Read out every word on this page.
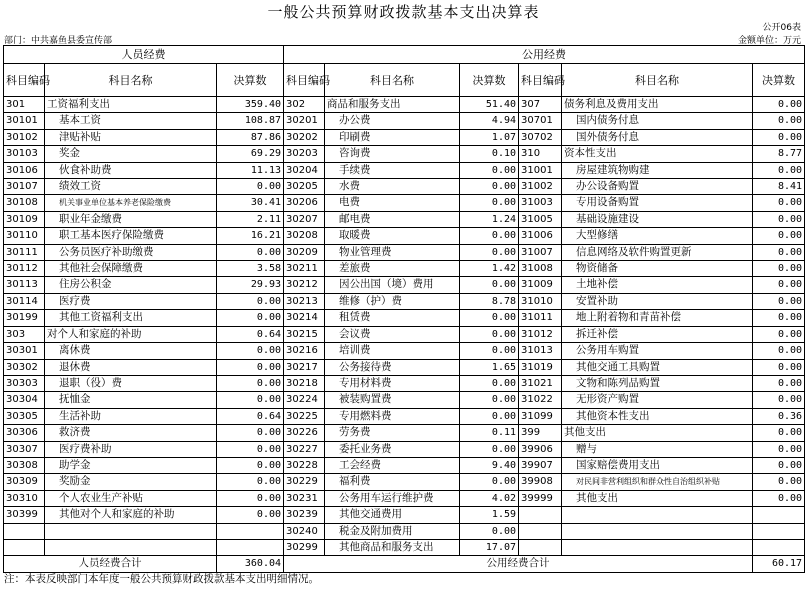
一般公共预算财政拨款基本支出决算表
公开06表
部门：中共嘉鱼县委宣传部	金额单位：万元
人员经费			公用经费					
科目编码	科目名称	决算数	科目编码	科目名称	决算数	科目编码	科目名称	决算数
301	工资福利支出	359.40	302	商品和服务支出	51.40	307	债务利息及费用支出	0.00
30101	基本工资	108.87	30201	办公费	4.94	30701	国内债务付息	0.00
30102	津贴补贴	87.86	30202	印刷费	1.07	30702	国外债务付息	0.00
30103	奖金	69.29	30203	咨询费	0.10	310	资本性支出	8.77
30106	伙食补助费	11.13	30204	手续费	0.00	31001	房屋建筑物购建	0.00
30107	绩效工资	0.00	30205	水费	0.00	31002	办公设备购置	8.41
30108	机关事业单位基本养老保险缴费	30.41	30206	电费	0.00	31003	专用设备购置	0.00
30109	职业年金缴费	2.11	30207	邮电费	1.24	31005	基础设施建设	0.00
30110	职工基本医疗保险缴费	16.21	30208	取暖费	0.00	31006	大型修缮	0.00
30111	公务员医疗补助缴费	0.00	30209	物业管理费	0.00	31007	信息网络及软件购置更新	0.00
30112	其他社会保障缴费	3.58	30211	差旅费	1.42	31008	物资储备	0.00
30113	住房公积金	29.93	30212	因公出国（境）费用	0.00	31009	土地补偿	0.00
30114	医疗费	0.00	30213	维修（护）费	8.78	31010	安置补助	0.00
30199	其他工资福利支出	0.00	30214	租赁费	0.00	31011	地上附着物和青苗补偿	0.00
303	对个人和家庭的补助	0.64	30215	会议费	0.00	31012	拆迁补偿	0.00
30301	离休费	0.00	30216	培训费	0.00	31013	公务用车购置	0.00
30302	退休费	0.00	30217	公务接待费	1.65	31019	其他交通工具购置	0.00
30303	退职（役）费	0.00	30218	专用材料费	0.00	31021	文物和陈列品购置	0.00
30304	抚恤金	0.00	30224	被装购置费	0.00	31022	无形资产购置	0.00
30305	生活补助	0.64	30225	专用燃料费	0.00	31099	其他资本性支出	0.36
30306	救济费	0.00	30226	劳务费	0.11	399	其他支出	0.00
30307	医疗费补助	0.00	30227	委托业务费	0.00	39906	赠与	0.00
30308	助学金	0.00	30228	工会经费	9.40	39907	国家赔偿费用支出	0.00
30309	奖励金	0.00	30229	福利费	0.00	39908	对民间非营利组织和群众性自治组织补贴	0.00
30310	个人农业生产补贴	0.00	30231	公务用车运行维护费	4.02	39999	其他支出	0.00
30399	其他对个人和家庭的补助	0.00	30239	其他交通费用	1.59			
			30240	税金及附加费用	0.00			
			30299	其他商品和服务支出	17.07			
人员经费合计		360.04	公用经费合计					60.17
注：本表反映部门本年度一般公共预算财政拨款基本支出明细情况。
